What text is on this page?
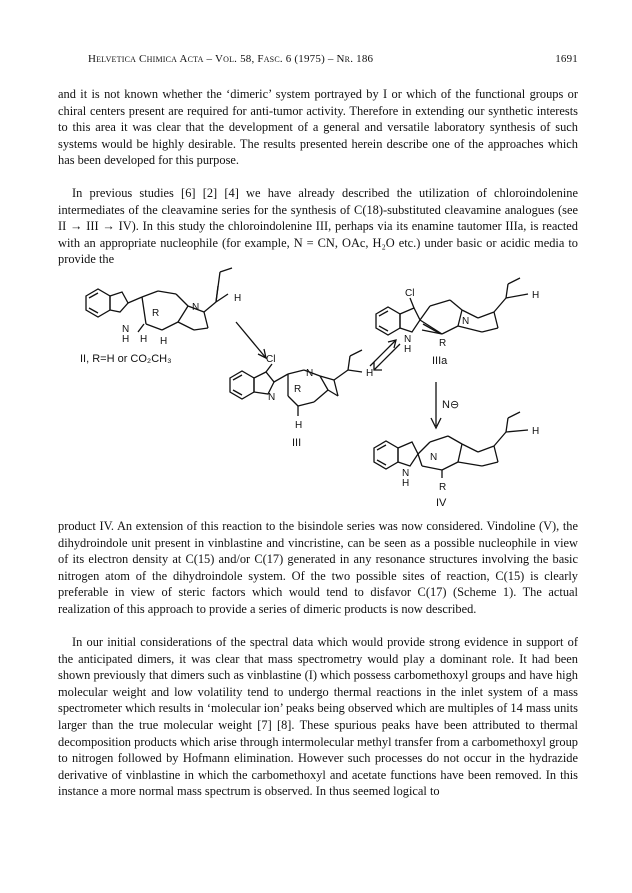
Helvetica Chimica Acta – Vol. 58, Fasc. 6 (1975) – Nr. 186	1691

and it is not known whether the ‘dimeric’ system portrayed by I or which of the functional groups or chiral centers present are required for anti-tumor activity. Therefore in extending our synthetic interests to this area it was clear that the development of a general and versatile laboratory synthesis of such systems would be highly desirable. The results presented herein describe one of the approaches which has been developed for this purpose.

In previous studies [6] [2] [4] we have already described the utilization of chloroindolenine intermediates of the cleavamine series for the synthesis of C(18)-substituted cleavamine analogues (see II → III → IV). In this study the chloroindolenine III, perhaps via its enamine tautomer IIIa, is reacted with an appropriate nucleophile (for example, N = CN, OAc, H₂O etc.) under basic or acidic media to provide the

N
H
R
H
N
H
H
II, R=H or CO₂CH₃
Cl
N
H
N
R
H
IIIa
Cl
N
N
R
H
H
III
N⊖
N
H
N
R
H
IV

product IV. An extension of this reaction to the bisindole series was now considered. Vindoline (V), the dihydroindole unit present in vinblastine and vincristine, can be seen as a possible nucleophile in view of its electron density at C(15) and/or C(17) generated in any resonance structures involving the basic nitrogen atom of the dihydroindole system. Of the two possible sites of reaction, C(15) is clearly preferable in view of steric factors which would tend to disfavor C(17) (Scheme 1). The actual realization of this approach to provide a series of dimeric products is now described.

In our initial considerations of the spectral data which would provide strong evidence in support of the anticipated dimers, it was clear that mass spectrometry would play a dominant role. It had been shown previously that dimers such as vinblastine (I) which possess carbomethoxyl groups and have high molecular weight and low volatility tend to undergo thermal reactions in the inlet system of a mass spectrometer which results in ‘molecular ion’ peaks being observed which are multiples of 14 mass units larger than the true molecular weight [7] [8]. These spurious peaks have been attributed to thermal decomposition products which arise through intermolecular methyl transfer from a carbomethoxyl group to nitrogen followed by Hofmann elimination. However such processes do not occur in the hydrazide derivative of vinblastine in which the carbomethoxyl and acetate functions have been removed. In this instance a more normal mass spectrum is observed. In thus seemed logical to
